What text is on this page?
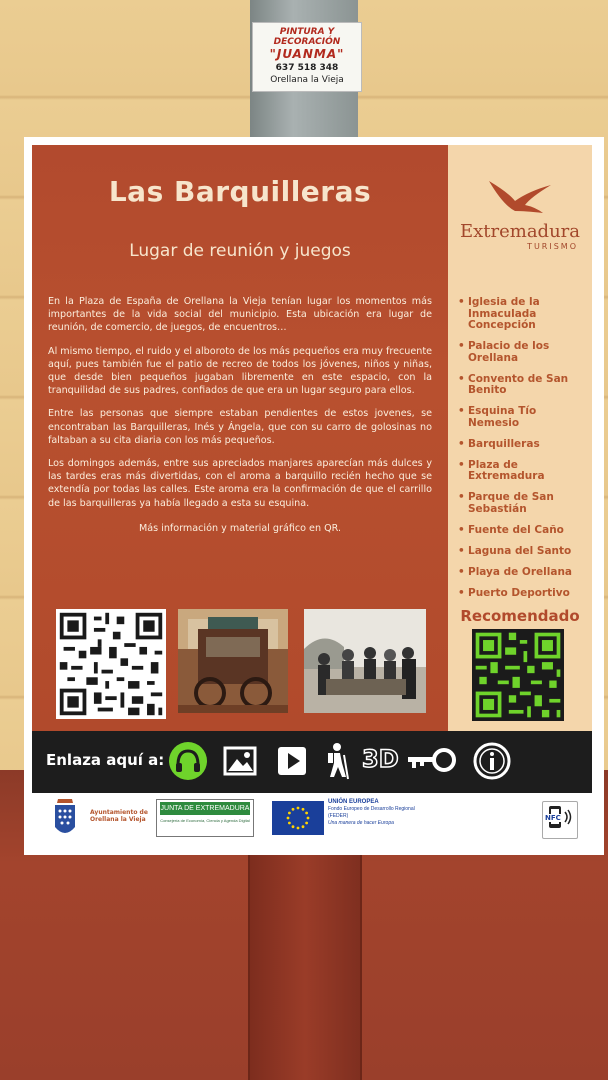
PINTURA Y DECORACIÓN
"JUANMA"
637 518 348
Orellana la Vieja
Las Barquilleras
Lugar de reunión y juegos

En la Plaza de España de Orellana la Vieja tenían lugar los momentos más importantes de la vida social del municipio. Esta ubicación era lugar de reunión, de comercio, de juegos, de encuentros…

Al mismo tiempo, el ruido y el alboroto de los más pequeños era muy frecuente aquí, pues también fue el patio de recreo de todos los jóvenes, niños y niñas, que desde bien pequeños jugaban libremente en este espacio, con la tranquilidad de sus padres, confiados de que era un lugar seguro para ellos.

Entre las personas que siempre estaban pendientes de estos jovenes, se encontraban las Barquilleras, Inés y Ángela, que con su carro de golosinas no faltaban a su cita diaria con los más pequeños.

Los domingos además, entre sus apreciados manjares aparecían más dulces y las tardes eras más divertidas, con el aroma a barquillo recién hecho que se extendía por todas las calles. Este aroma era la confirmación de que el carrillo de las barquilleras ya había llegado a esta su esquina.

Más información y material gráfico en QR.

Extremadura
TURISMO
• Iglesia de la Inmaculada Concepción
• Palacio de los Orellana
• Convento de San Benito
• Esquina Tío Nemesio
• Barquilleras
• Plaza de Extremadura
• Parque de San Sebastián
• Fuente del Caño
• Laguna del Santo
• Playa de Orellana
• Puerto Deportivo
Recomendado
Enlaza aquí a:	3D
Ayuntamiento de Orellana la Vieja
JUNTA DE EXTREMADURA
Consejería de Economía, Ciencia y Agenda Digital
UNIÓN EUROPEA
Fondo Europeo de Desarrollo Regional (FEDER)
Una manera de hacer Europa
NFC
